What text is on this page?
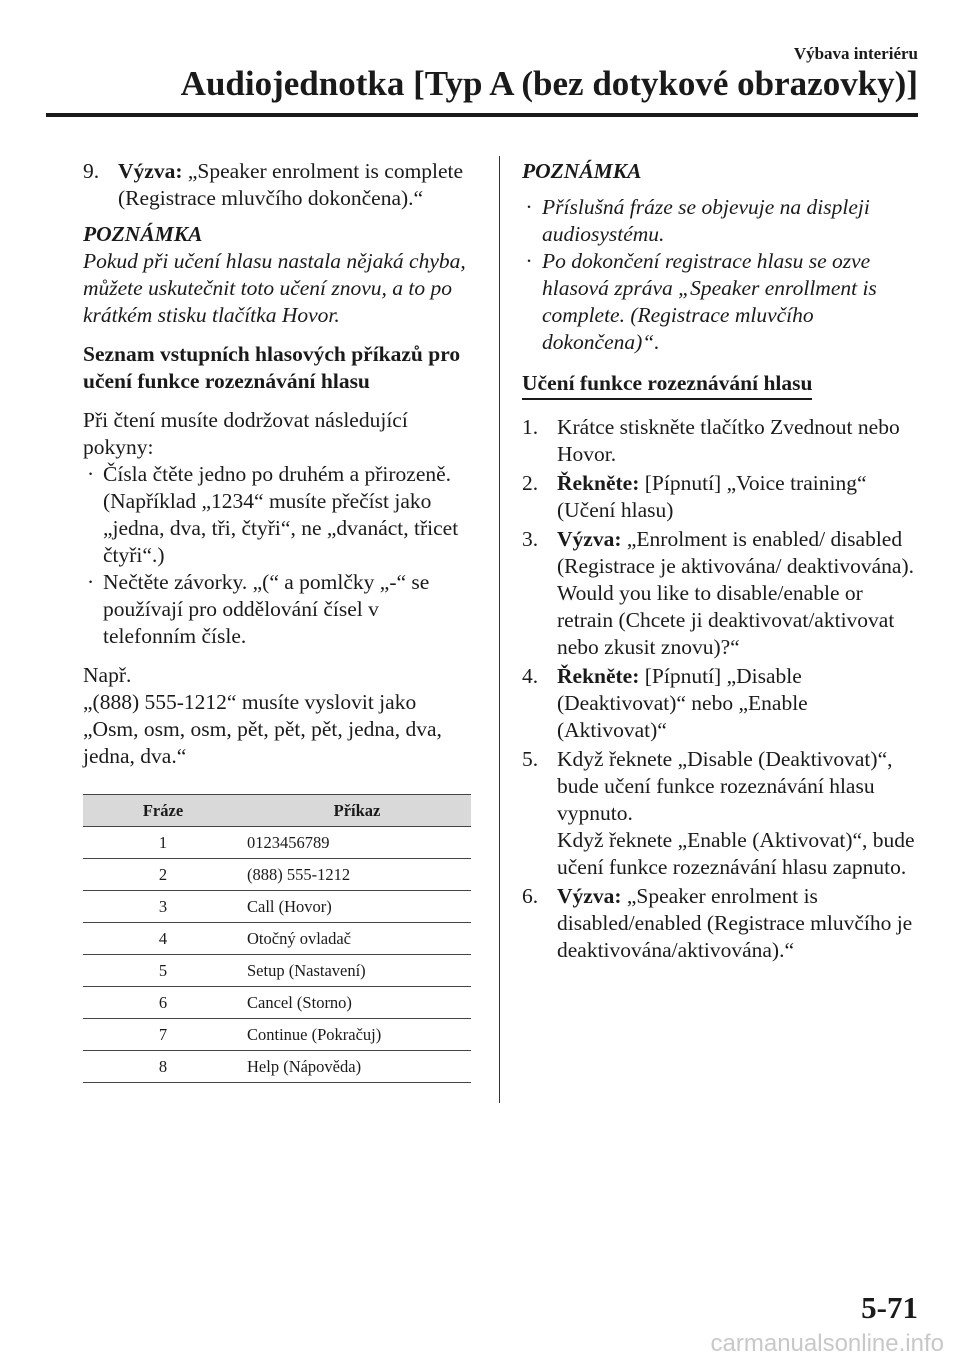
Výbava interiéru
Audiojednotka [Typ A (bez dotykové obrazovky)]
9. Výzva: „Speaker enrolment is complete (Registrace mluvčího dokončena).“
POZNÁMKA
Pokud při učení hlasu nastala nějaká chyba, můžete uskutečnit toto učení znovu, a to po krátkém stisku tlačítka Hovor.
Seznam vstupních hlasových příkazů pro učení funkce rozeznávání hlasu
Při čtení musíte dodržovat následující pokyny:
· Čísla čtěte jedno po druhém a přirozeně. (Například „1234“ musíte přečíst jako „jedna, dva, tři, čtyři“, ne „dvanáct, třicet čtyři“.)
· Nečtěte závorky. „(“ a pomlčky „-“ se používají pro oddělování čísel v telefonním čísle.
Např.
„(888) 555-1212“ musíte vyslovit jako „Osm, osm, osm, pět, pět, pět, jedna, dva, jedna, dva.“
Fráze	Příkaz
1	0123456789
2	(888) 555-1212
3	Call (Hovor)
4	Otočný ovladač
5	Setup (Nastavení)
6	Cancel (Storno)
7	Continue (Pokračuj)
8	Help (Nápověda)
POZNÁMKA
· Příslušná fráze se objevuje na displeji audiosystému.
· Po dokončení registrace hlasu se ozve hlasová zpráva „Speaker enrollment is complete. (Registrace mluvčího dokončena)“.
Učení funkce rozeznávání hlasu
1. Krátce stiskněte tlačítko Zvednout nebo Hovor.
2. Řekněte: [Pípnutí] „Voice training“ (Učení hlasu)
3. Výzva: „Enrolment is enabled/ disabled (Registrace je aktivována/ deaktivována). Would you like to disable/enable or retrain (Chcete ji deaktivovat/aktivovat nebo zkusit znovu)?“
4. Řekněte: [Pípnutí] „Disable (Deaktivovat)“ nebo „Enable (Aktivovat)“
5. Když řeknete „Disable (Deaktivovat)“, bude učení funkce rozeznávání hlasu vypnuto.
Když řeknete „Enable (Aktivovat)“, bude učení funkce rozeznávání hlasu zapnuto.
6. Výzva: „Speaker enrolment is disabled/enabled (Registrace mluvčího je deaktivována/aktivována).“
5-71
carmanualsonline.info
